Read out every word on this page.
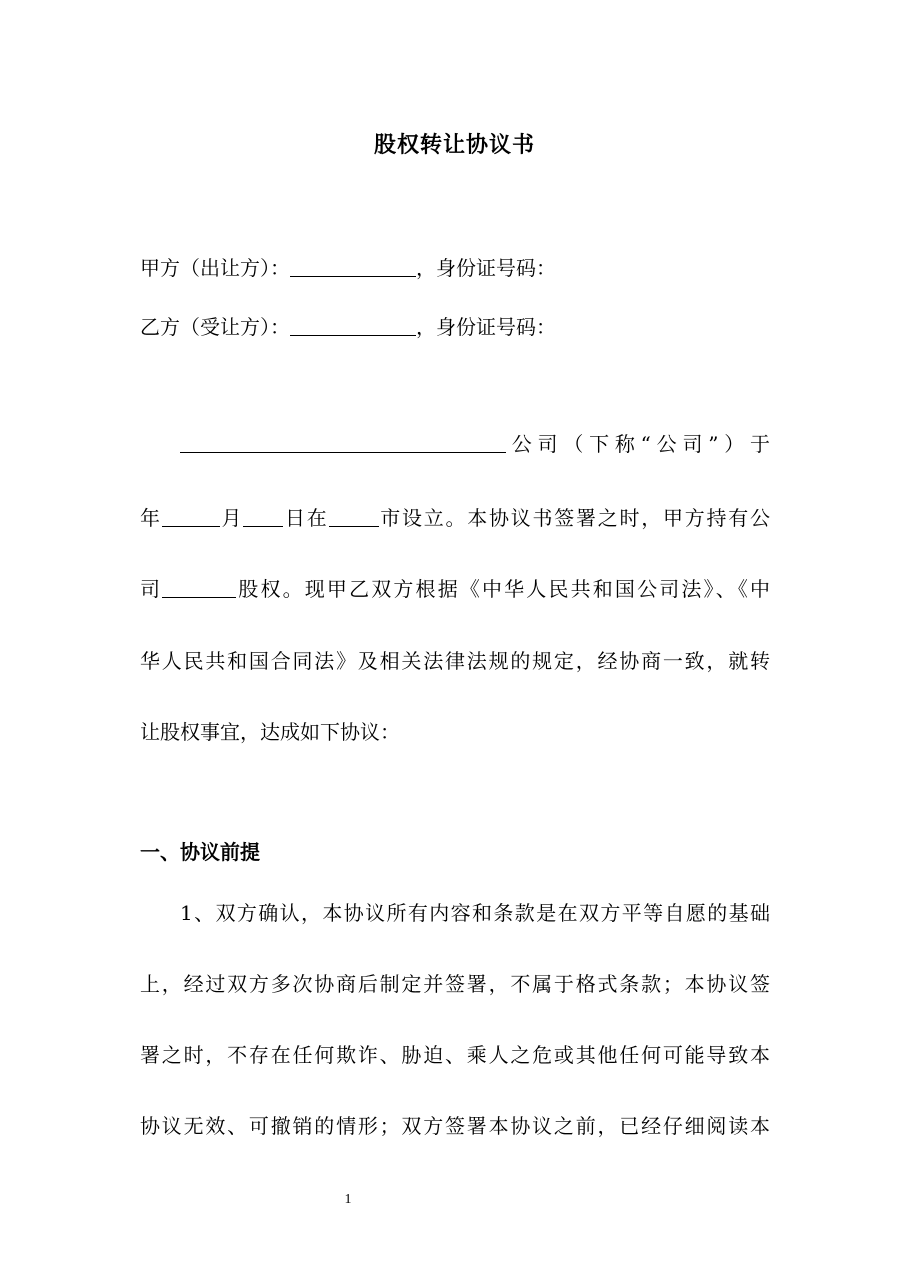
股权转让协议书
甲方（出让方）：	，身份证号码：
乙方（受让方）：	，身份证号码：
公司（下称“公司”）于
年	月 日在	市设立。本协议书签署之时，甲方持有公
司	股权。现甲乙双方根据《中华人民共和国公司法》、《中
华人民共和国合同法》及相关法律法规的规定，经协商一致，就转
让股权事宜，达成如下协议：
一、协议前提
1、双方确认，本协议所有内容和条款是在双方平等自愿的基础
上，经过双方多次协商后制定并签署，不属于格式条款；本协议签
署之时，不存在任何欺诈、胁迫、乘人之危或其他任何可能导致本
协议无效、可撤销的情形；双方签署本协议之前，已经仔细阅读本
1
